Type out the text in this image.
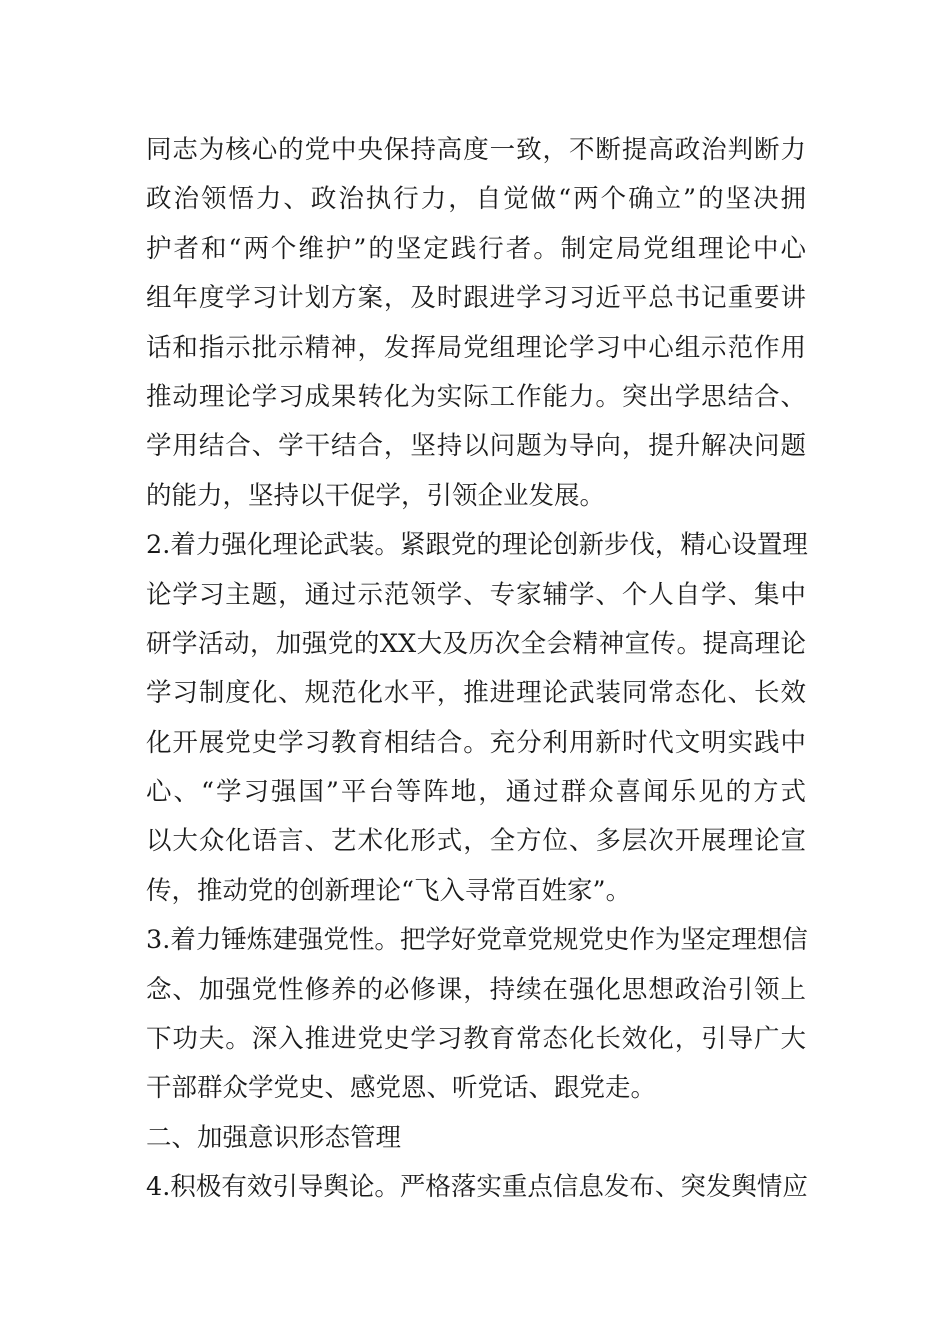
同志为核心的党中央保持高度一致，不断提高政治判断力
政治领悟力、政治执行力，自觉做“两个确立”的坚决拥
护者和“两个维护”的坚定践行者。制定局党组理论中心
组年度学习计划方案，及时跟进学习习近平总书记重要讲
话和指示批示精神，发挥局党组理论学习中心组示范作用
推动理论学习成果转化为实际工作能力。突出学思结合、
学用结合、学干结合，坚持以问题为导向，提升解决问题
的能力，坚持以干促学，引领企业发展。
2.着力强化理论武装。紧跟党的理论创新步伐，精心设置理
论学习主题，通过示范领学、专家辅学、个人自学、集中
研学活动，加强党的XX大及历次全会精神宣传。提高理论
学习制度化、规范化水平，推进理论武装同常态化、长效
化开展党史学习教育相结合。充分利用新时代文明实践中
心、“学习强国”平台等阵地，通过群众喜闻乐见的方式
以大众化语言、艺术化形式，全方位、多层次开展理论宣
传，推动党的创新理论“飞入寻常百姓家”。
3.着力锤炼建强党性。把学好党章党规党史作为坚定理想信
念、加强党性修养的必修课，持续在强化思想政治引领上
下功夫。深入推进党史学习教育常态化长效化，引导广大
干部群众学党史、感党恩、听党话、跟党走。
二、加强意识形态管理
4.积极有效引导舆论。严格落实重点信息发布、突发舆情应
